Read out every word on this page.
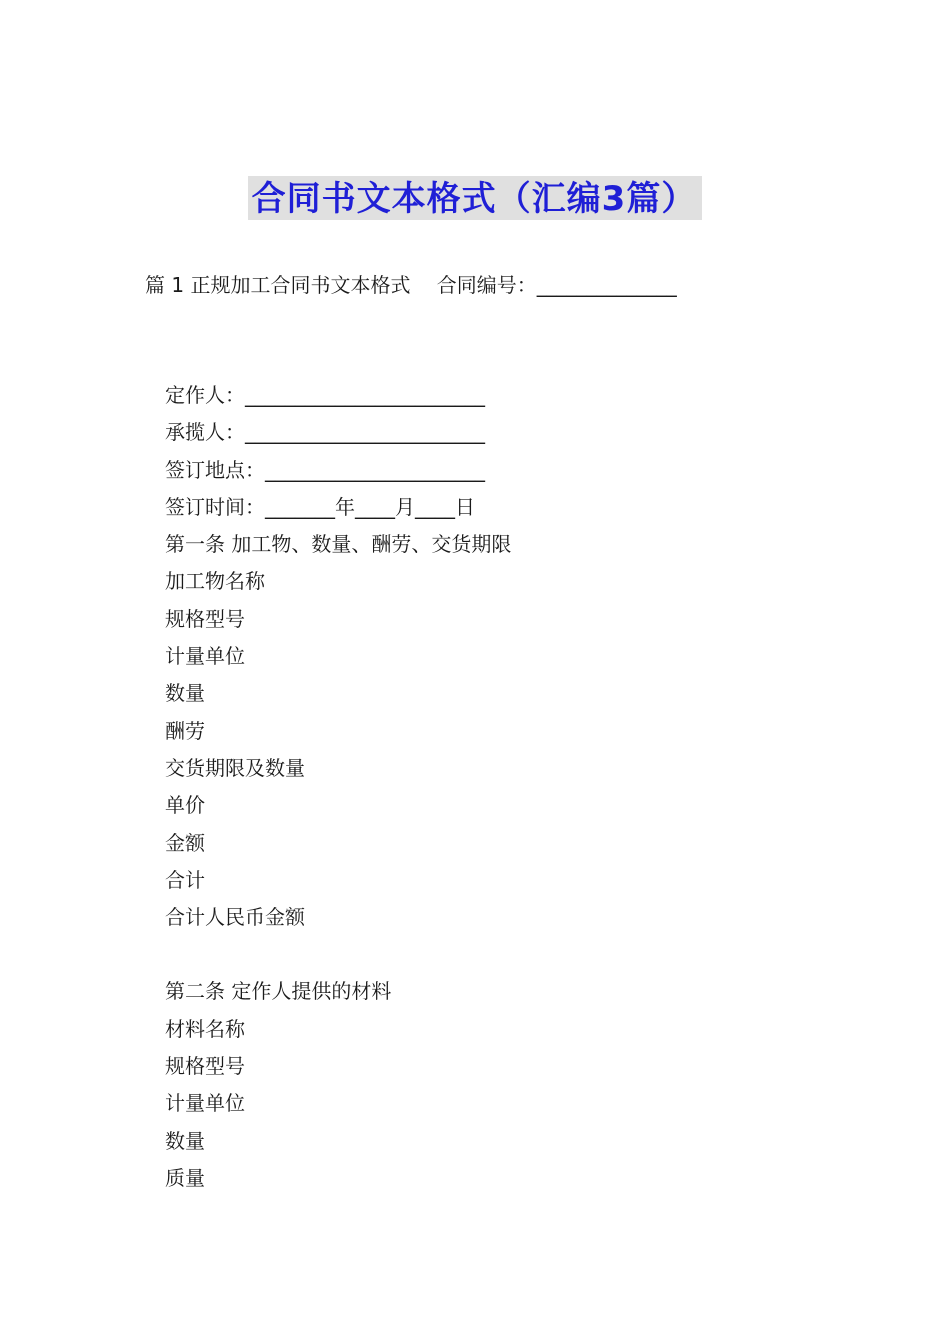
合同书文本格式（汇编3篇）
篇 1 正规加工合同书文本格式　 合同编号：______________
定作人：________________________
承揽人：________________________
签订地点：______________________
签订时间：_______年____月____日
第一条 加工物、数量、酬劳、交货期限
加工物名称
规格型号
计量单位
数量
酬劳
交货期限及数量
单价
金额
合计
合计人民币金额
第二条 定作人提供的材料
材料名称
规格型号
计量单位
数量
质量
